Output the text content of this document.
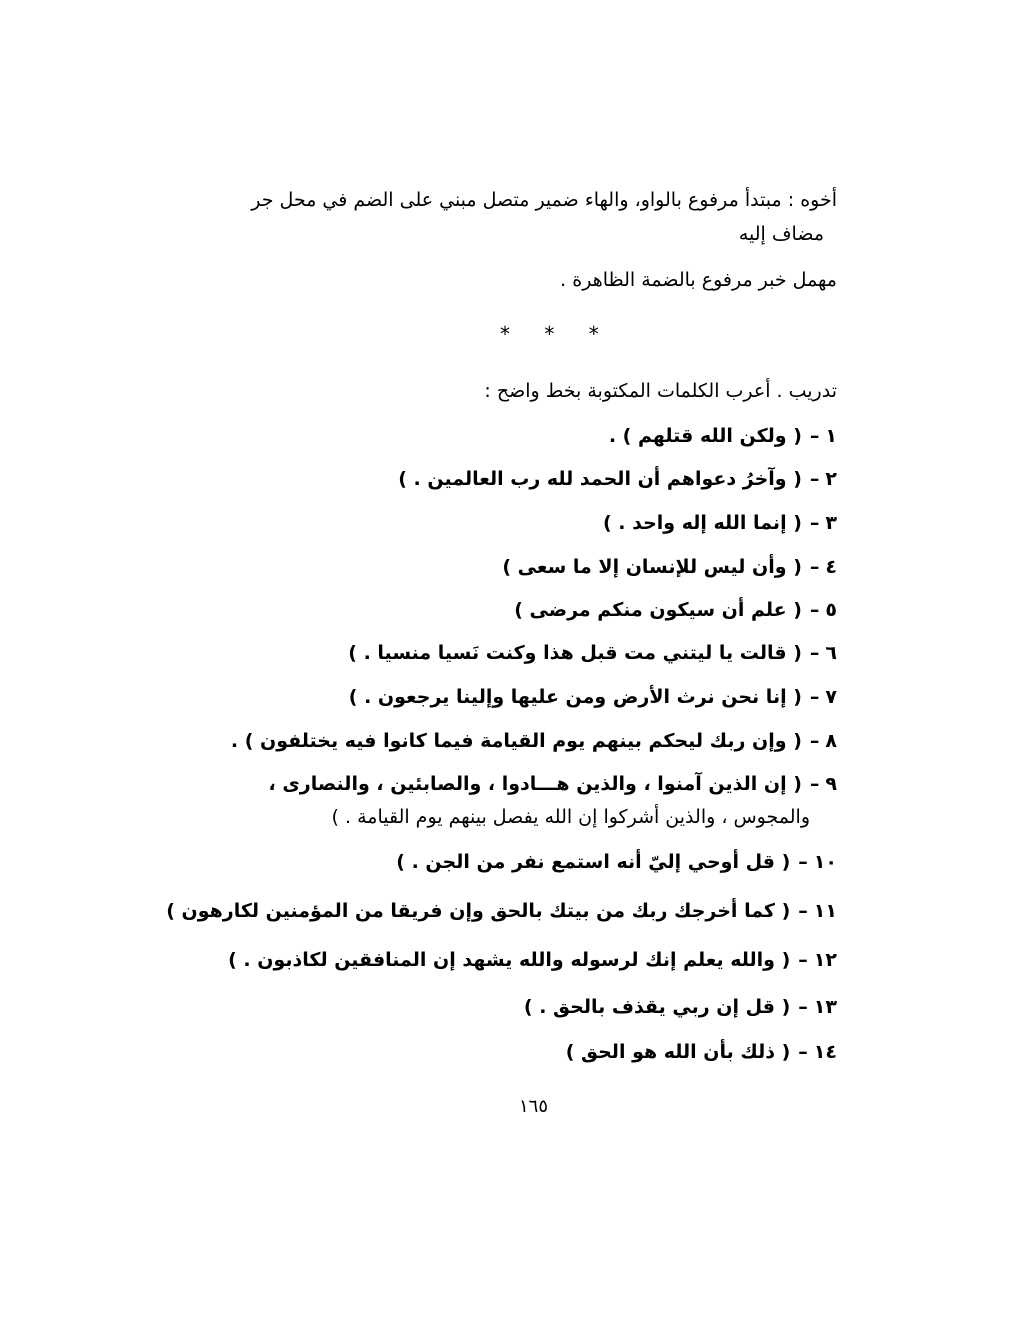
أخوه : مبتدأ مرفوع بالواو، والهاء ضمير متصل مبني على الضم في محل جر
مضاف إليه
مهمل خبر مرفوع بالضمة الظاهرة .
* * *
تدريب . أعرب الكلمات المكتوبة بخط واضح :
١–( ولكن الله قتلهم ) .
٢–( وآخرُ دعواهم أن الحمد لله رب العالمين . )
٣–( إنما الله إله واحد . )
٤–( وأن ليس للإنسان إلا ما سعى )
٥–( علم أن سيكون منكم مرضى )
٦–( قالت يا ليتني مت قبل هذا وكنت نَسيا منسيا . )
٧–( إنا نحن نرث الأرض ومن عليها وإلينا يرجعون . )
٨–( وإن ربك ليحكم بينهم يوم القيامة فيما كانوا فيه يختلفون ) .
٩–( إن الذين آمنوا ، والذين هـــادوا ، والصابئين ، والنصارى ،
والمجوس ، والذين أشركوا إن الله يفصل بينهم يوم القيامة . )
١٠–( قل أوحي إليّ أنه استمع نفر من الجن . )
١١–( كما أخرجك ربك من بيتك بالحق وإن فريقا من المؤمنين لكارهون )
١٢–( والله يعلم إنك لرسوله والله يشهد إن المنافقين لكاذبون . )
١٣–( قل إن ربي يقذف بالحق . )
١٤–( ذلك بأن الله هو الحق )
١٦٥
